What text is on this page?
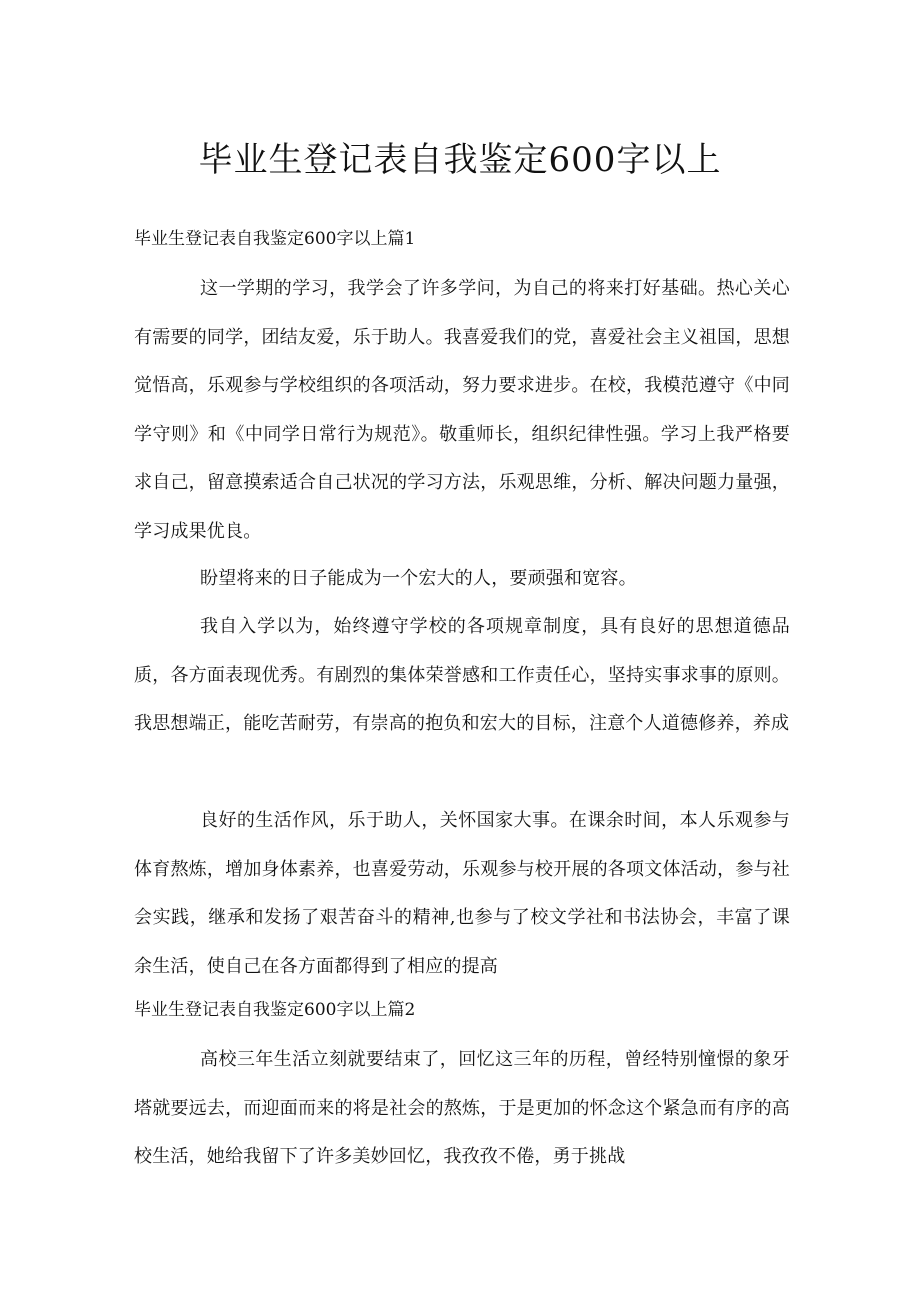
毕业生登记表自我鉴定600字以上
毕业生登记表自我鉴定600字以上篇1

这一学期的学习，我学会了许多学问，为自己的将来打好基础。热心关心有需要的同学，团结友爱，乐于助人。我喜爱我们的党，喜爱社会主义祖国，思想觉悟高，乐观参与学校组织的各项活动，努力要求进步。在校，我模范遵守《中同学守则》和《中同学日常行为规范》。敬重师长，组织纪律性强。学习上我严格要求自己，留意摸索适合自己状况的学习方法，乐观思维，分析、解决问题力量强，学习成果优良。

盼望将来的日子能成为一个宏大的人，要顽强和宽容。

我自入学以为，始终遵守学校的各项规章制度，具有良好的思想道德品质，各方面表现优秀。有剧烈的集体荣誉感和工作责任心，坚持实事求事的原则。我思想端正，能吃苦耐劳，有崇高的抱负和宏大的目标，注意个人道德修养，养成

良好的生活作风，乐于助人，关怀国家大事。在课余时间，本人乐观参与体育熬炼，增加身体素养，也喜爱劳动，乐观参与校开展的各项文体活动，参与社会实践，继承和发扬了艰苦奋斗的精神,也参与了校文学社和书法协会，丰富了课余生活，使自己在各方面都得到了相应的提高

毕业生登记表自我鉴定600字以上篇2

高校三年生活立刻就要结束了，回忆这三年的历程，曾经特别憧憬的象牙塔就要远去，而迎面而来的将是社会的熬炼，于是更加的怀念这个紧急而有序的高校生活，她给我留下了许多美妙回忆，我孜孜不倦，勇于挑战
